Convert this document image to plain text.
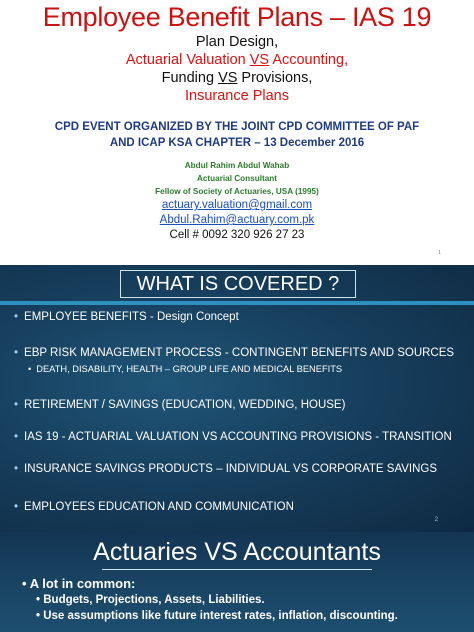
Employee Benefit Plans – IAS 19
Plan Design,
Actuarial Valuation VS Accounting,
Funding VS Provisions,
Insurance Plans
CPD EVENT ORGANIZED BY THE JOINT CPD COMMITTEE OF PAF
AND ICAP KSA CHAPTER – 13 December 2016
Abdul Rahim Abdul Wahab
Actuarial Consultant
Fellow of Society of Actuaries, USA (1995)
actuary.valuation@gmail.com
Abdul.Rahim@actuary.com.pk
Cell # 0092 320 926 27 23
1
WHAT IS COVERED ?
• EMPLOYEE BENEFITS - Design Concept
• EBP RISK MANAGEMENT PROCESS - CONTINGENT BENEFITS AND SOURCES
• DEATH, DISABILITY, HEALTH – GROUP LIFE AND MEDICAL BENEFITS
• RETIREMENT / SAVINGS (EDUCATION, WEDDING, HOUSE)
• IAS 19 - ACTUARIAL VALUATION VS ACCOUNTING PROVISIONS - TRANSITION
• INSURANCE SAVINGS PRODUCTS – INDIVIDUAL VS CORPORATE SAVINGS
• EMPLOYEES EDUCATION AND COMMUNICATION
2
Actuaries VS Accountants
• A lot in common:
• Budgets, Projections, Assets, Liabilities.
• Use assumptions like future interest rates, inflation, discounting.
